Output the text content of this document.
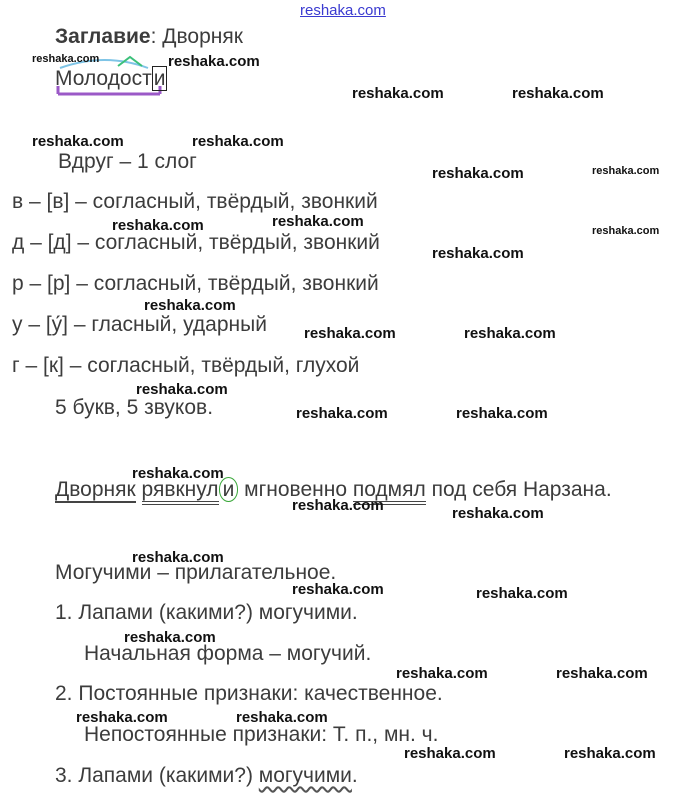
reshaka.com
Заглавие: Дворняк
Молодости
Вдруг – 1 слог
в – [в] – согласный, твёрдый, звонкий
д – [д] – согласный, твёрдый, звонкий
р – [р] – согласный, твёрдый, звонкий
у – [у́] – гласный, ударный
г – [к] – согласный, твёрдый, глухой
5 букв, 5 звуков.
Дворняк рявкнул и мгновенно подмял под себя Нарзана.
Могучими – прилагательное.
1. Лапами (какими?) могучими.
Начальная форма – могучий.
2. Постоянные признаки: качественное.
Непостоянные признаки: Т. п., мн. ч.
3. Лапами (какими?) могучими.
reshaka.com	reshaka.com
reshaka.com	reshaka.com
reshaka.com	reshaka.com
reshaka.com	reshaka.com
reshaka.com	reshaka.com
reshaka.com
reshaka.com
reshaka.com
reshaka.com	reshaka.com
reshaka.com
reshaka.com	reshaka.com
reshaka.com
reshaka.com	reshaka.com
reshaka.com
reshaka.com	reshaka.com
reshaka.com
reshaka.com	reshaka.com
reshaka.com	reshaka.com
reshaka.com	reshaka.com
